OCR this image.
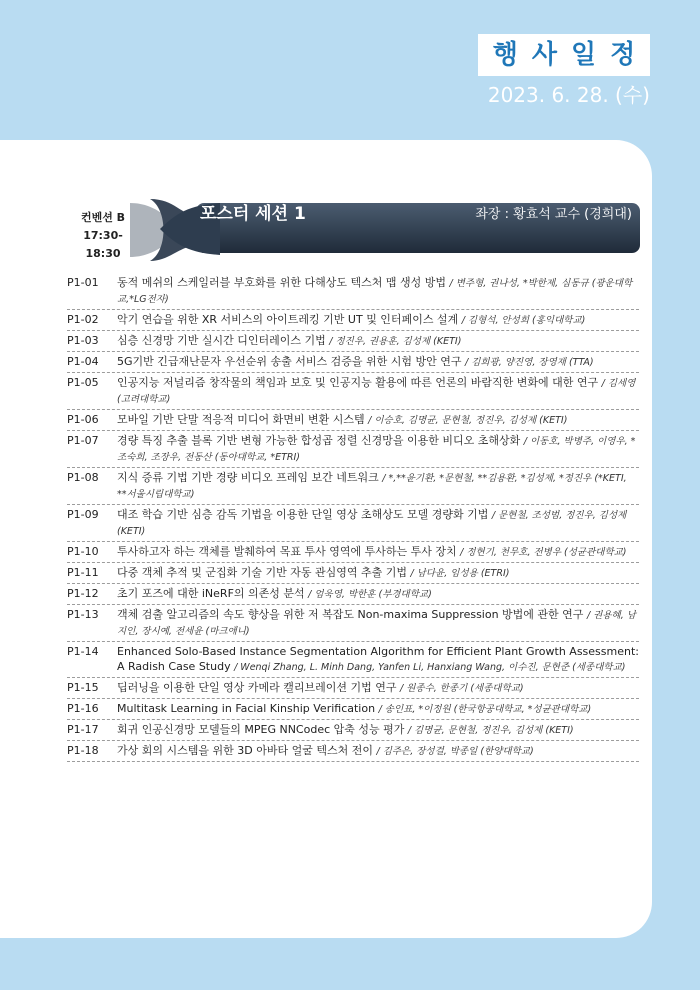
행사일정
2023. 6. 28. (수)
컨벤션 B
17:30-18:30
포스터 세션 1	좌장 : 황효석 교수 (경희대)
P1-01	동적 메쉬의 스케일러블 부호화를 위한 다해상도 텍스처 맵 생성 방법 / 변주형, 권나성, *박한제, 심동규 (광운대학교,*LG전자)
P1-02	악기 연습을 위한 XR 서비스의 아이트레킹 기반 UT 및 인터페이스 설계 / 김형석, 안성희 (홍익대학교)
P1-03	심층 신경망 기반 실시간 디인터레이스 기법 / 정진우, 권용훈, 김성제 (KETI)
P1-04	5G기반 긴급재난문자 우선순위 송출 서비스 검증을 위한 시험 방안 연구 / 김희광, 양진영, 장영재 (TTA)
P1-05	인공지능 저널리즘 창작물의 책임과 보호 및 인공지능 활용에 따른 언론의 바람직한 변화에 대한 연구 / 김세영 (고려대학교)
P1-06	모바일 기반 단말 적응적 미디어 화면비 변환 시스템 / 이승호, 김명균, 문현철, 정진우, 김성제 (KETI)
P1-07	경량 특징 추출 블록 기반 변형 가능한 합성곱 정렬 신경망을 이용한 비디오 초해상화 / 이동호, 박병주, 이영우, *조숙희, 조장우, 전동산 (동아대학교, *ETRI)
P1-08	지식 증류 기법 기반 경량 비디오 프레임 보간 네트워크 / *,**윤기환, *문현철, **김용환, *김성제, *정진우 (*KETI, **서울시립대학교)
P1-09	대조 학습 기반 심층 감독 기법을 이용한 단일 영상 초해상도 모델 경량화 기법 / 문현철, 조성범, 정진우, 김성제 (KETI)
P1-10	투사하고자 하는 객체를 발췌하여 목표 투사 영역에 투사하는 투사 장치 / 정현기, 천무호, 전병우 (성균관대학교)
P1-11	다중 객체 추적 및 군집화 기술 기반 자동 관심영역 추출 기법 / 남다윤, 임성용 (ETRI)
P1-12	초기 포즈에 대한 iNeRF의 의존성 분석 / 엄욱영, 박한훈 (부경대학교)
P1-13	객체 검출 알고리즘의 속도 향상을 위한 저 복잡도 Non-maxima Suppression 방법에 관한 연구 / 권용혜, 남지인, 장시예, 전세윤 (마크애니)
P1-14	Enhanced Solo-Based Instance Segmentation Algorithm for Efficient Plant Growth Assessment: A Radish Case Study / Wenqi Zhang, L. Minh Dang, Yanfen Li, Hanxiang Wang, 이수진, 문현준 (세종대학교)
P1-15	딥러닝을 이용한 단일 영상 카메라 캘리브레이션 기법 연구 / 원종수, 한종기 (세종대학교)
P1-16	Multitask Learning in Facial Kinship Verification / 송인표, *이정원 (한국항공대학교, *성균관대학교)
P1-17	회귀 인공신경망 모델들의 MPEG NNCodec 압축 성능 평가 / 김명균, 문현철, 정진우, 김성제 (KETI)
P1-18	가상 회의 시스템을 위한 3D 아바타 얼굴 텍스처 전이 / 김주은, 장성걸, 박종일 (한양대학교)
